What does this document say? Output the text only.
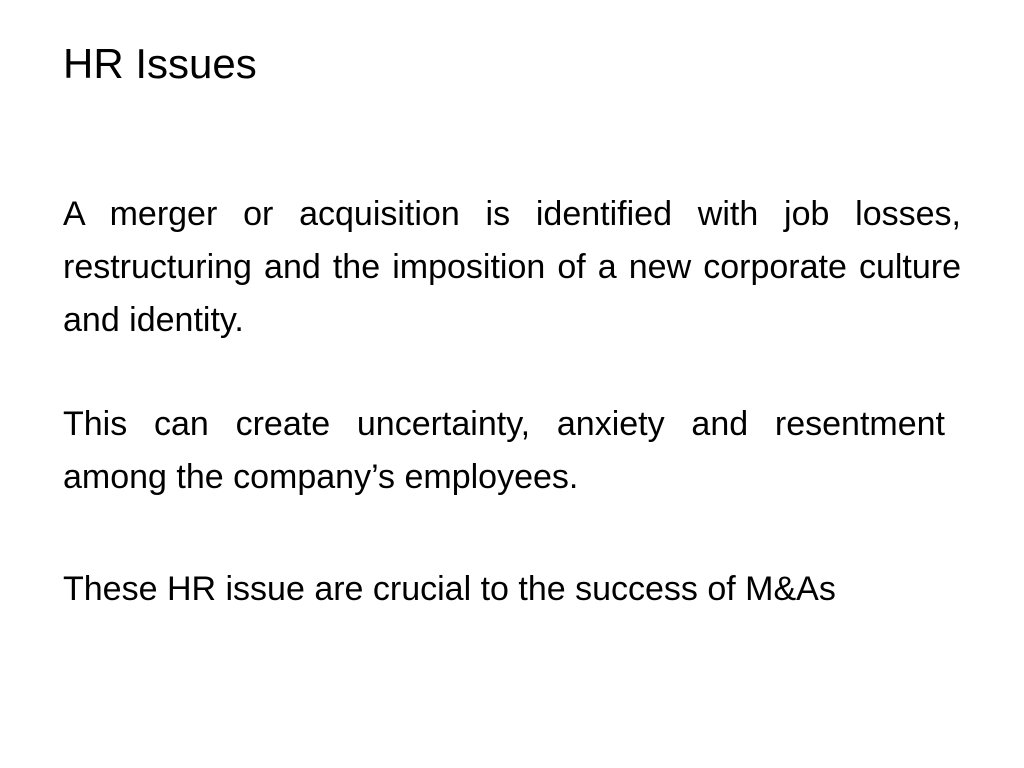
HR Issues

A merger or acquisition is identified with job losses, restructuring and the imposition of a new corporate culture and identity.

This can create uncertainty, anxiety and resentment among the company’s employees.

These HR issue are crucial to the success of M&As
